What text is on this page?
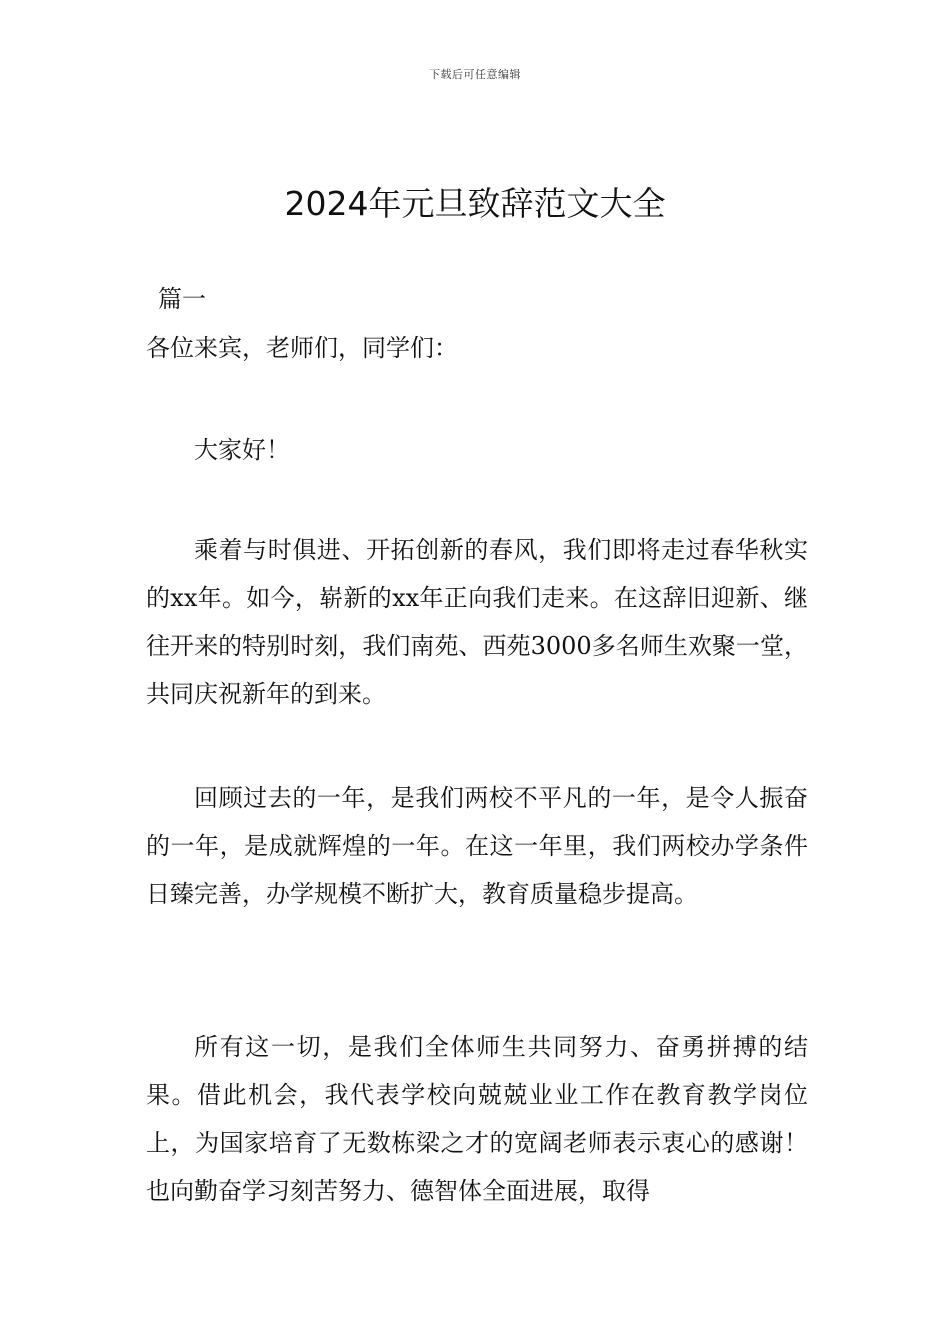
下载后可任意编辑
2024年元旦致辞范文大全
篇一
各位来宾，老师们，同学们：

大家好！

乘着与时俱进、开拓创新的春风，我们即将走过春华秋实的xx年。如今，崭新的xx年正向我们走来。在这辞旧迎新、继往开来的特别时刻，我们南苑、西苑3000多名师生欢聚一堂，共同庆祝新年的到来。

回顾过去的一年，是我们两校不平凡的一年，是令人振奋的一年，是成就辉煌的一年。在这一年里，我们两校办学条件日臻完善，办学规模不断扩大，教育质量稳步提高。

所有这一切，是我们全体师生共同努力、奋勇拼搏的结果。借此机会，我代表学校向兢兢业业工作在教育教学岗位上，为国家培育了无数栋梁之才的宽阔老师表示衷心的感谢！也向勤奋学习刻苦努力、德智体全面进展，取得
